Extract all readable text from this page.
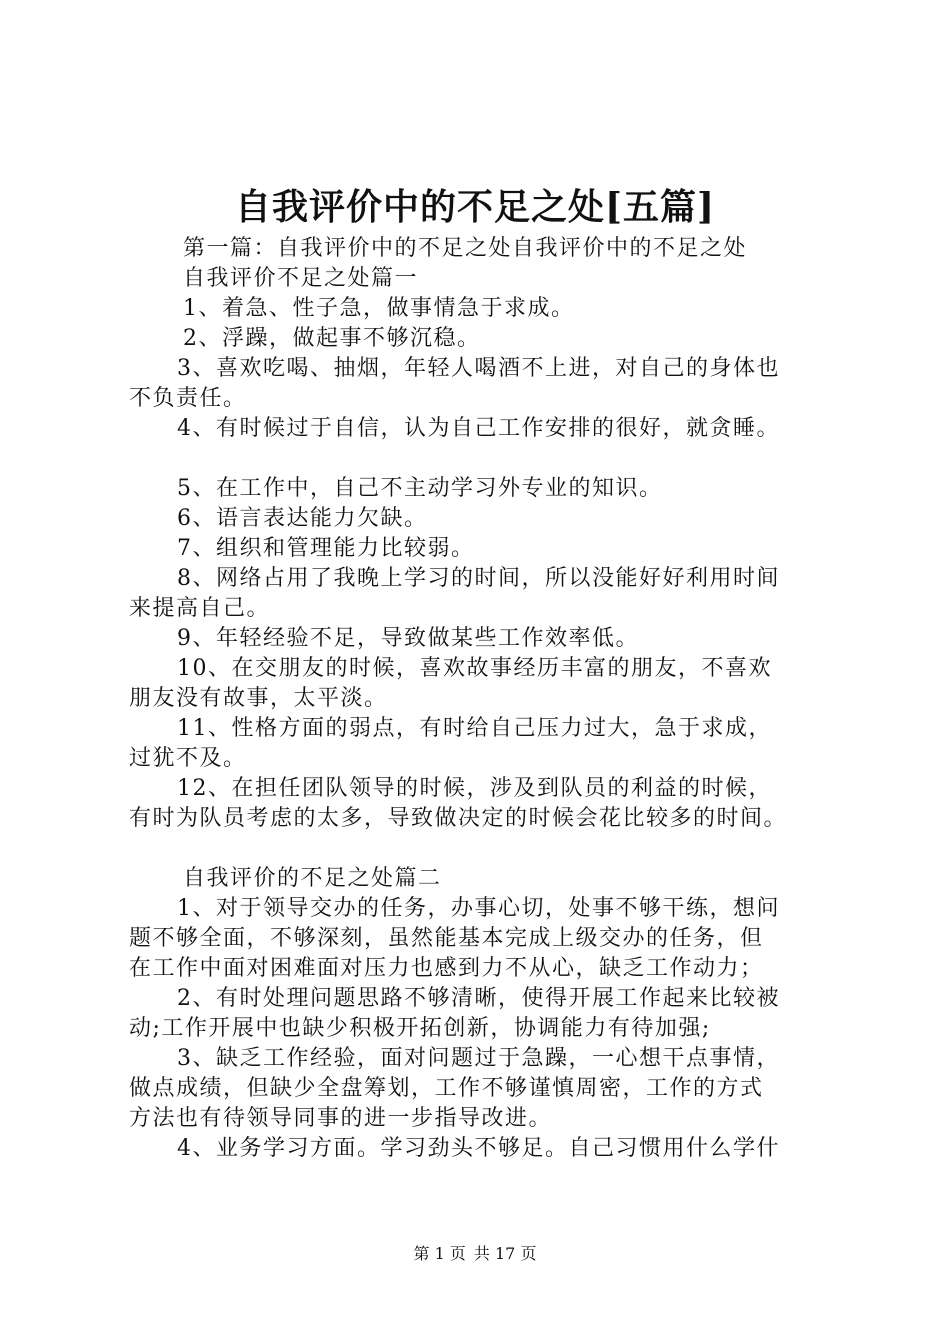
自我评价中的不足之处[五篇]
第一篇：自我评价中的不足之处自我评价中的不足之处
自我评价不足之处篇一
1、着急、性子急，做事情急于求成。
2、浮躁，做起事不够沉稳。
3、喜欢吃喝、抽烟，年轻人喝酒不上进，对自己的身体也
不负责任。
4、有时候过于自信，认为自己工作安排的很好，就贪睡。
5、在工作中，自己不主动学习外专业的知识。
6、语言表达能力欠缺。
7、组织和管理能力比较弱。
8、网络占用了我晚上学习的时间，所以没能好好利用时间
来提高自己。
9、年轻经验不足，导致做某些工作效率低。
10、在交朋友的时候，喜欢故事经历丰富的朋友，不喜欢
朋友没有故事，太平淡。
11、性格方面的弱点，有时给自己压力过大，急于求成，
过犹不及。
12、在担任团队领导的时候，涉及到队员的利益的时候，
有时为队员考虑的太多，导致做决定的时候会花比较多的时间。
自我评价的不足之处篇二
1、对于领导交办的任务，办事心切，处事不够干练，想问
题不够全面，不够深刻，虽然能基本完成上级交办的任务，但
在工作中面对困难面对压力也感到力不从心，缺乏工作动力；
2、有时处理问题思路不够清晰，使得开展工作起来比较被
动;工作开展中也缺少积极开拓创新，协调能力有待加强;
3、缺乏工作经验，面对问题过于急躁，一心想干点事情，
做点成绩，但缺少全盘筹划，工作不够谨慎周密，工作的方式
方法也有待领导同事的进一步指导改进。
4、业务学习方面。学习劲头不够足。自己习惯用什么学什
第 1 页 共 17 页
